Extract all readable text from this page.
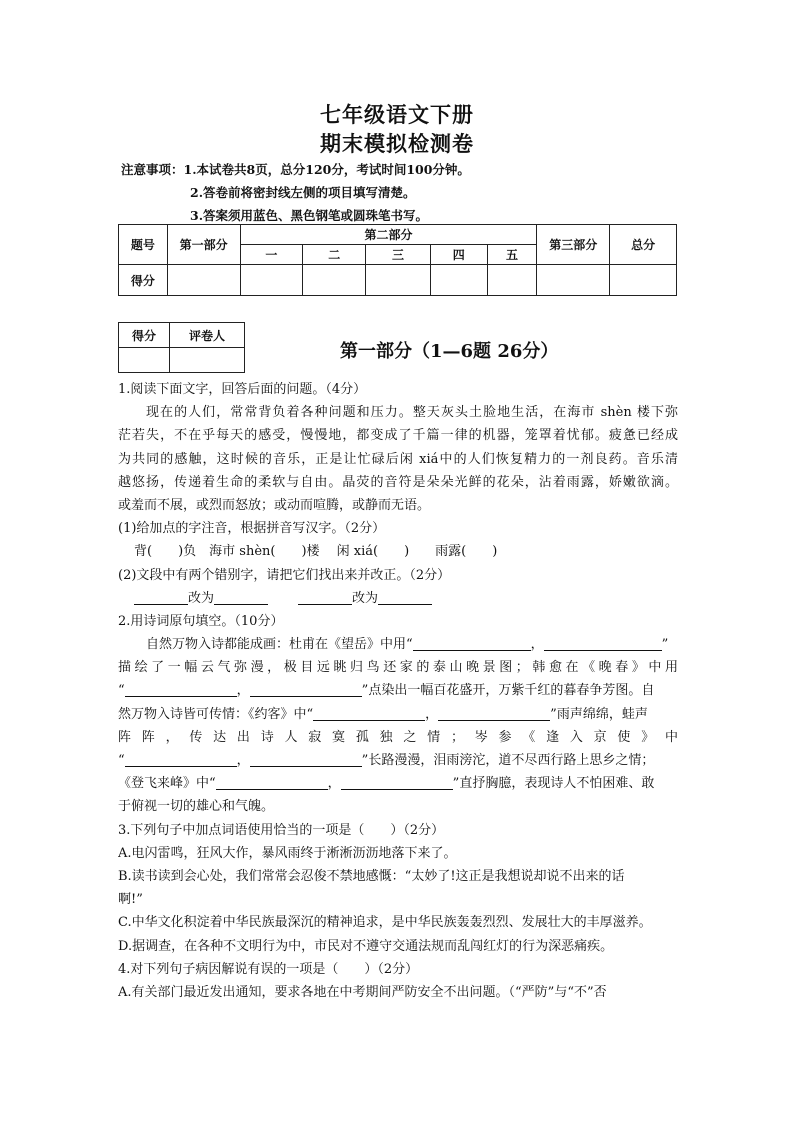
七年级语文下册
期末模拟检测卷
注意事项：1.本试卷共8页，总分120分，考试时间100分钟。
2.答卷前将密封线左侧的项目填写清楚。
3.答案须用蓝色、黑色钢笔或圆珠笔书写。
题号	第一部分	第二部分					第三部分	总分
		一	二	三	四	五		
得分								
得分	评卷人

第一部分（1—6题 26分）
1.阅读下面文字，回答后面的问题。（4分）
现在的人们，常常背负着各种问题和压力。整天灰头土脸地生活，在海市 shèn 楼下弥
茫若失，不在乎每天的感受，慢慢地，都变成了千篇一律的机器，笼罩着忧郁。疲惫已经成
为共同的感触，这时候的音乐，正是让忙碌后闲 xiá中的人们恢复精力的一剂良药。音乐清
越悠扬，传递着生命的柔软与自由。晶荧的音符是朵朵光鲜的花朵，沾着雨露，娇嫩欲滴。
或羞而不展，或烈而怒放；或动而喧腾，或静而无语。
(1)给加点的字注音，根据拼音写汉字。（2分）
背(　　)负　海市 shèn(　　)楼　 闲 xiá(　　)　　雨露(　　)
(2)文段中有两个错别字，请把它们找出来并改正。（2分）
改为	改为
2.用诗词原句填空。（10分）
自然万物入诗都能成画：杜甫在《望岳》中用“	，	”
描绘了一幅云气弥漫，极目远眺归鸟还家的泰山晚景图；韩愈在《晚春》中用
“	，	”点染出一幅百花盛开，万紫千红的暮春争芳图。自
然万物入诗皆可传情：《约客》中“	，	”雨声绵绵，蛙声
阵阵，传达出诗人寂寞孤独之情；岑参《逢入京使》中
“	，	”长路漫漫，泪雨滂沱，道不尽西行路上思乡之情；
《登飞来峰》中“	，	”直抒胸臆，表现诗人不怕困难、敢
于俯视一切的雄心和气魄。
3.下列句子中加点词语使用恰当的一项是（　　）（2分）
A.电闪雷鸣，狂风大作，暴风雨终于淅淅沥沥地落下来了。
B.读书读到会心处，我们常常会忍俊不禁地感慨：“太妙了!这正是我想说却说不出来的话
啊!”
C.中华文化积淀着中华民族最深沉的精神追求，是中华民族轰轰烈烈、发展壮大的丰厚滋养。
D.据调查，在各种不文明行为中，市民对不遵守交通法规而乱闯红灯的行为深恶痛疾。
4.对下列句子病因解说有误的一项是（　　）（2分）
A.有关部门最近发出通知，要求各地在中考期间严防安全不出问题。（“严防”与“不”否
